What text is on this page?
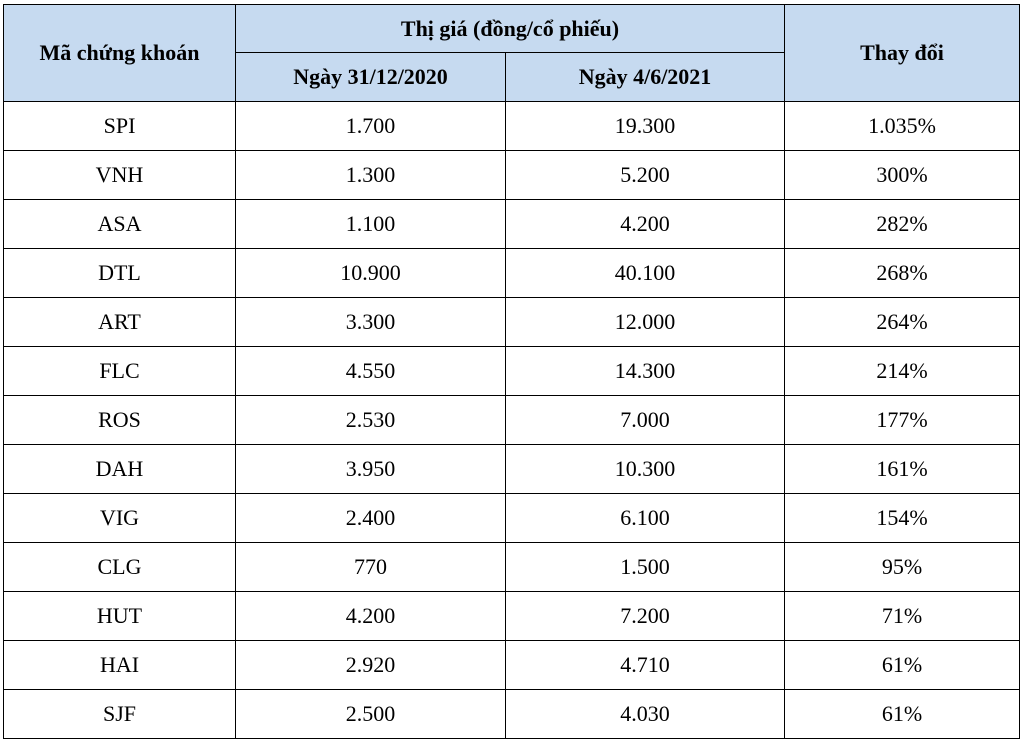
Mã chứng khoán	Thị giá (đồng/cổ phiếu)		Thay đổi
	Ngày 31/12/2020	Ngày 4/6/2021	
SPI	1.700	19.300	1.035%
VNH	1.300	5.200	300%
ASA	1.100	4.200	282%
DTL	10.900	40.100	268%
ART	3.300	12.000	264%
FLC	4.550	14.300	214%
ROS	2.530	7.000	177%
DAH	3.950	10.300	161%
VIG	2.400	6.100	154%
CLG	770	1.500	95%
HUT	4.200	7.200	71%
HAI	2.920	4.710	61%
SJF	2.500	4.030	61%
